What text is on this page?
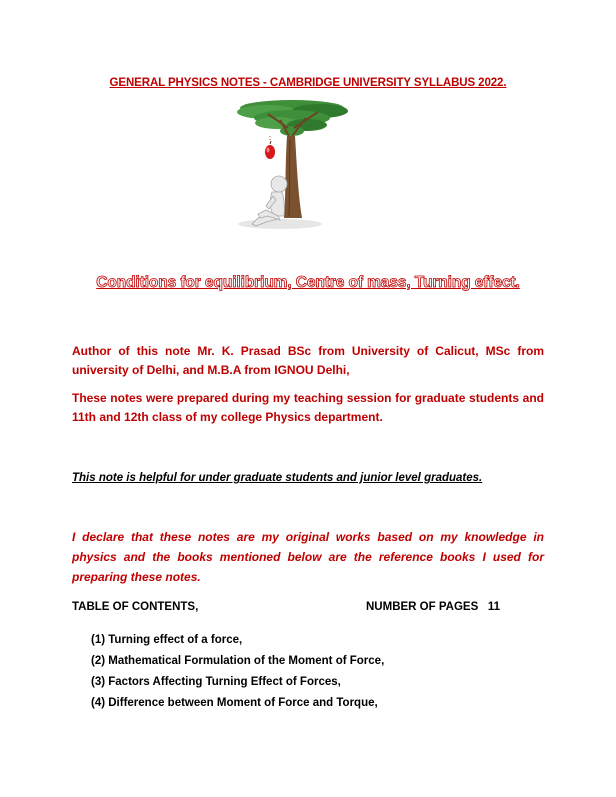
GENERAL PHYSICS NOTES - CAMBRIDGE UNIVERSITY SYLLABUS 2022.
Conditions for equilibrium, Centre of mass, Turning effect.
Author of this note Mr. K. Prasad BSc from University of Calicut, MSc from university of Delhi, and M.B.A from IGNOU Delhi,
These notes were prepared during my teaching session for graduate students and 11th and 12th class of my college Physics department.
This note is helpful for under graduate students and junior level graduates.
I declare that these notes are my original works based on my knowledge in physics and the books mentioned below are the reference books I used for preparing these notes.
TABLE OF CONTENTS,	NUMBER OF PAGES   11
(1) Turning effect of a force,
(2) Mathematical Formulation of the Moment of Force,
(3) Factors Affecting Turning Effect of Forces,
(4) Difference between Moment of Force and Torque,
